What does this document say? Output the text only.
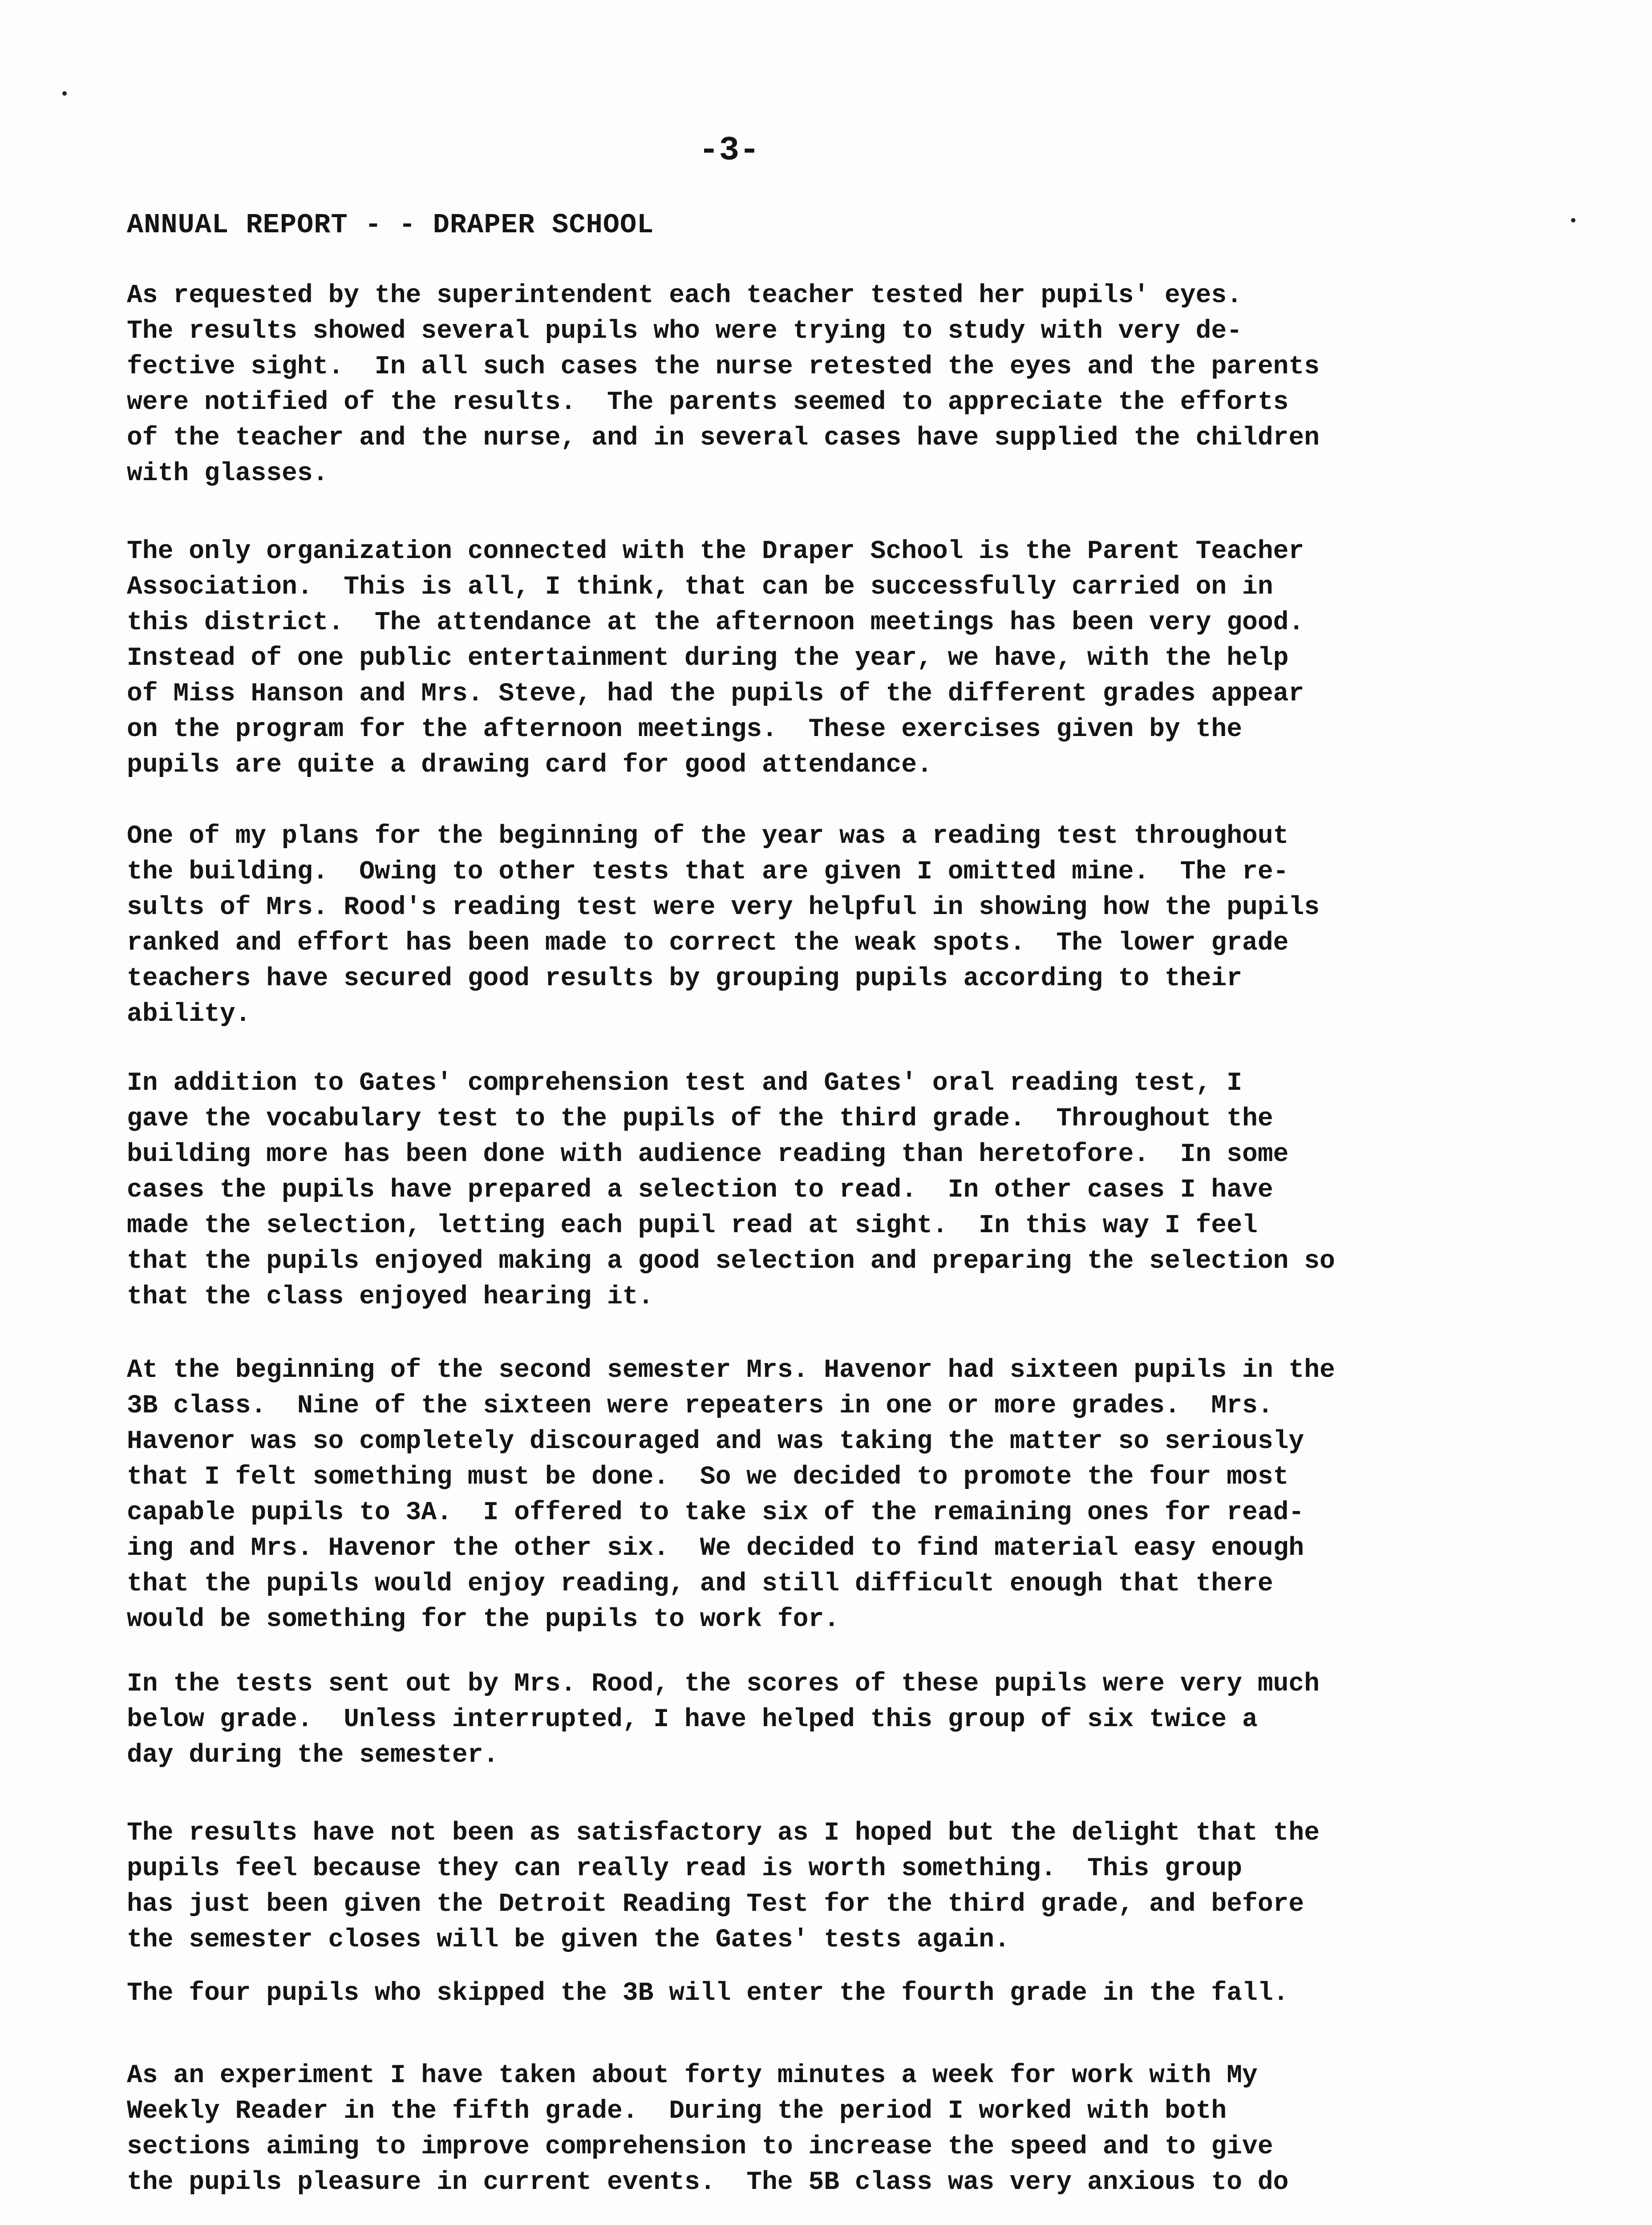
-3-
ANNUAL REPORT - - DRAPER SCHOOL
As requested by the superintendent each teacher tested her pupils' eyes.
The results showed several pupils who were trying to study with very de-
fective sight.  In all such cases the nurse retested the eyes and the parents
were notified of the results.  The parents seemed to appreciate the efforts
of the teacher and the nurse, and in several cases have supplied the children
with glasses.
The only organization connected with the Draper School is the Parent Teacher
Association.  This is all, I think, that can be successfully carried on in
this district.  The attendance at the afternoon meetings has been very good.
Instead of one public entertainment during the year, we have, with the help
of Miss Hanson and Mrs. Steve, had the pupils of the different grades appear
on the program for the afternoon meetings.  These exercises given by the
pupils are quite a drawing card for good attendance.
One of my plans for the beginning of the year was a reading test throughout
the building.  Owing to other tests that are given I omitted mine.  The re-
sults of Mrs. Rood's reading test were very helpful in showing how the pupils
ranked and effort has been made to correct the weak spots.  The lower grade
teachers have secured good results by grouping pupils according to their
ability.
In addition to Gates' comprehension test and Gates' oral reading test, I
gave the vocabulary test to the pupils of the third grade.  Throughout the
building more has been done with audience reading than heretofore.  In some
cases the pupils have prepared a selection to read.  In other cases I have
made the selection, letting each pupil read at sight.  In this way I feel
that the pupils enjoyed making a good selection and preparing the selection so
that the class enjoyed hearing it.
At the beginning of the second semester Mrs. Havenor had sixteen pupils in the
3B class.  Nine of the sixteen were repeaters in one or more grades.  Mrs.
Havenor was so completely discouraged and was taking the matter so seriously
that I felt something must be done.  So we decided to promote the four most
capable pupils to 3A.  I offered to take six of the remaining ones for read-
ing and Mrs. Havenor the other six.  We decided to find material easy enough
that the pupils would enjoy reading, and still difficult enough that there
would be something for the pupils to work for.
In the tests sent out by Mrs. Rood, the scores of these pupils were very much
below grade.  Unless interrupted, I have helped this group of six twice a
day during the semester.
The results have not been as satisfactory as I hoped but the delight that the
pupils feel because they can really read is worth something.  This group
has just been given the Detroit Reading Test for the third grade, and before
the semester closes will be given the Gates' tests again.
The four pupils who skipped the 3B will enter the fourth grade in the fall.
As an experiment I have taken about forty minutes a week for work with My
Weekly Reader in the fifth grade.  During the period I worked with both
sections aiming to improve comprehension to increase the speed and to give
the pupils pleasure in current events.  The 5B class was very anxious to do
